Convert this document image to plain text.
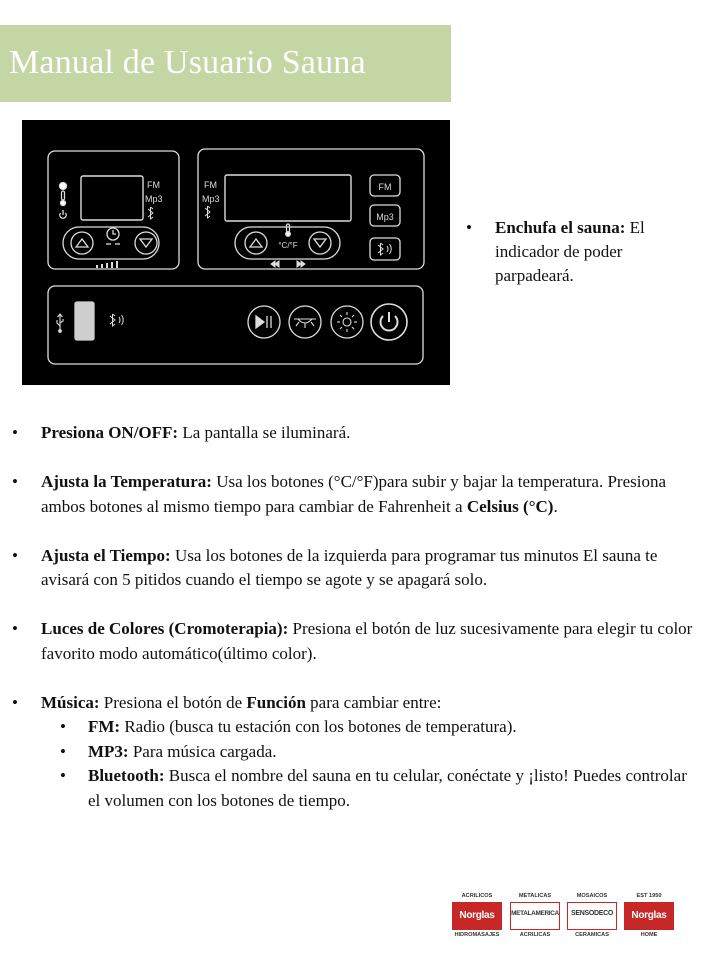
Manual de Usuario Sauna
FM
Mp3
FM
Mp3
FM
Mp3
°C/°F
• Enchufa el sauna: El indicador de poder parpadeará.
• Presiona ON/OFF: La pantalla se iluminará.
• Ajusta la Temperatura: Usa los botones (°C/°F)para subir y bajar la temperatura. Presiona ambos botones al mismo tiempo para cambiar de Fahrenheit a Celsius (°C).
• Ajusta el Tiempo: Usa los botones de la izquierda para programar tus minutos El sauna te avisará con 5 pitidos cuando el tiempo se agote y se apagará solo.
• Luces de Colores (Cromoterapia): Presiona el botón de luz sucesivamente para elegir tu color favorito modo automático(último color).
• Música: Presiona el botón de Función para cambiar entre:
• FM: Radio (busca tu estación con los botones de temperatura).
• MP3: Para música cargada.
• Bluetooth: Busca el nombre del sauna en tu celular, conéctate y ¡listo! Puedes controlar el volumen con los botones de tiempo.
ACRILICOS
Norglas
HIDROMASAJES
METALICAS
METALAMERICA
ACRILICAS
MOSAICOS
SENSODECO
CERAMICAS
EST 1950
Norglas
HOME
